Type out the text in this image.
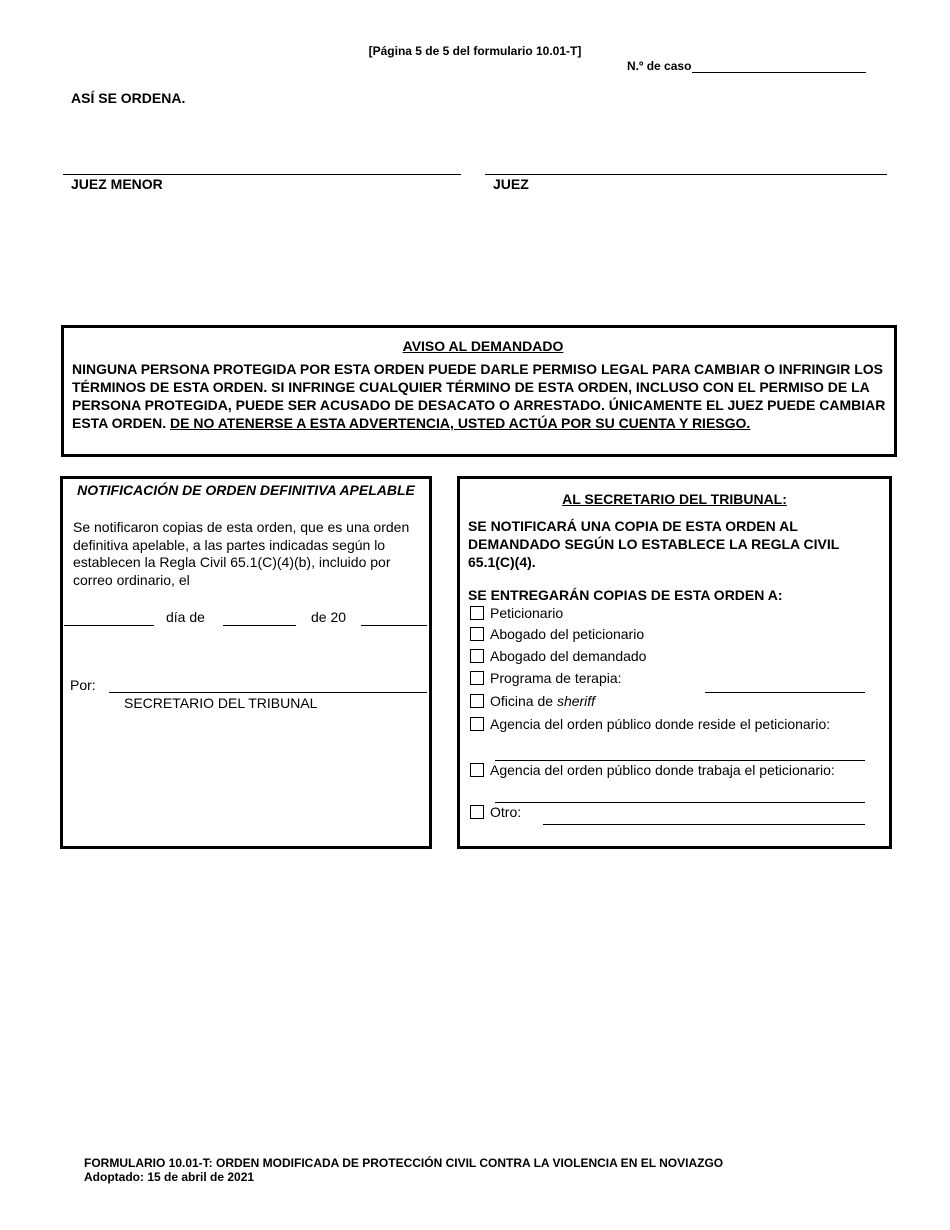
[Página 5 de 5 del formulario 10.01-T]
N.º de caso
ASÍ SE ORDENA.
JUEZ MENOR	JUEZ
AVISO AL DEMANDADO
NINGUNA PERSONA PROTEGIDA POR ESTA ORDEN PUEDE DARLE PERMISO LEGAL PARA CAMBIAR O INFRINGIR LOS TÉRMINOS DE ESTA ORDEN. SI INFRINGE CUALQUIER TÉRMINO DE ESTA ORDEN, INCLUSO CON EL PERMISO DE LA PERSONA PROTEGIDA, PUEDE SER ACUSADO DE DESACATO O ARRESTADO. ÚNICAMENTE EL JUEZ PUEDE CAMBIAR ESTA ORDEN. DE NO ATENERSE A ESTA ADVERTENCIA, USTED ACTÚA POR SU CUENTA Y RIESGO.
NOTIFICACIÓN DE ORDEN DEFINITIVA APELABLE
Se notificaron copias de esta orden, que es una orden definitiva apelable, a las partes indicadas según lo establecen la Regla Civil 65.1(C)(4)(b), incluido por correo ordinario, el
día de	de 20
Por:
SECRETARIO DEL TRIBUNAL
AL SECRETARIO DEL TRIBUNAL:
SE NOTIFICARÁ UNA COPIA DE ESTA ORDEN AL DEMANDADO SEGÚN LO ESTABLECE LA REGLA CIVIL 65.1(C)(4).
SE ENTREGARÁN COPIAS DE ESTA ORDEN A:
Peticionario
Abogado del peticionario
Abogado del demandado
Programa de terapia:
Oficina de sheriff
Agencia del orden público donde reside el peticionario:
Agencia del orden público donde trabaja el peticionario:
Otro:
FORMULARIO 10.01-T: ORDEN MODIFICADA DE PROTECCIÓN CIVIL CONTRA LA VIOLENCIA EN EL NOVIAZGO
Adoptado: 15 de abril de 2021
